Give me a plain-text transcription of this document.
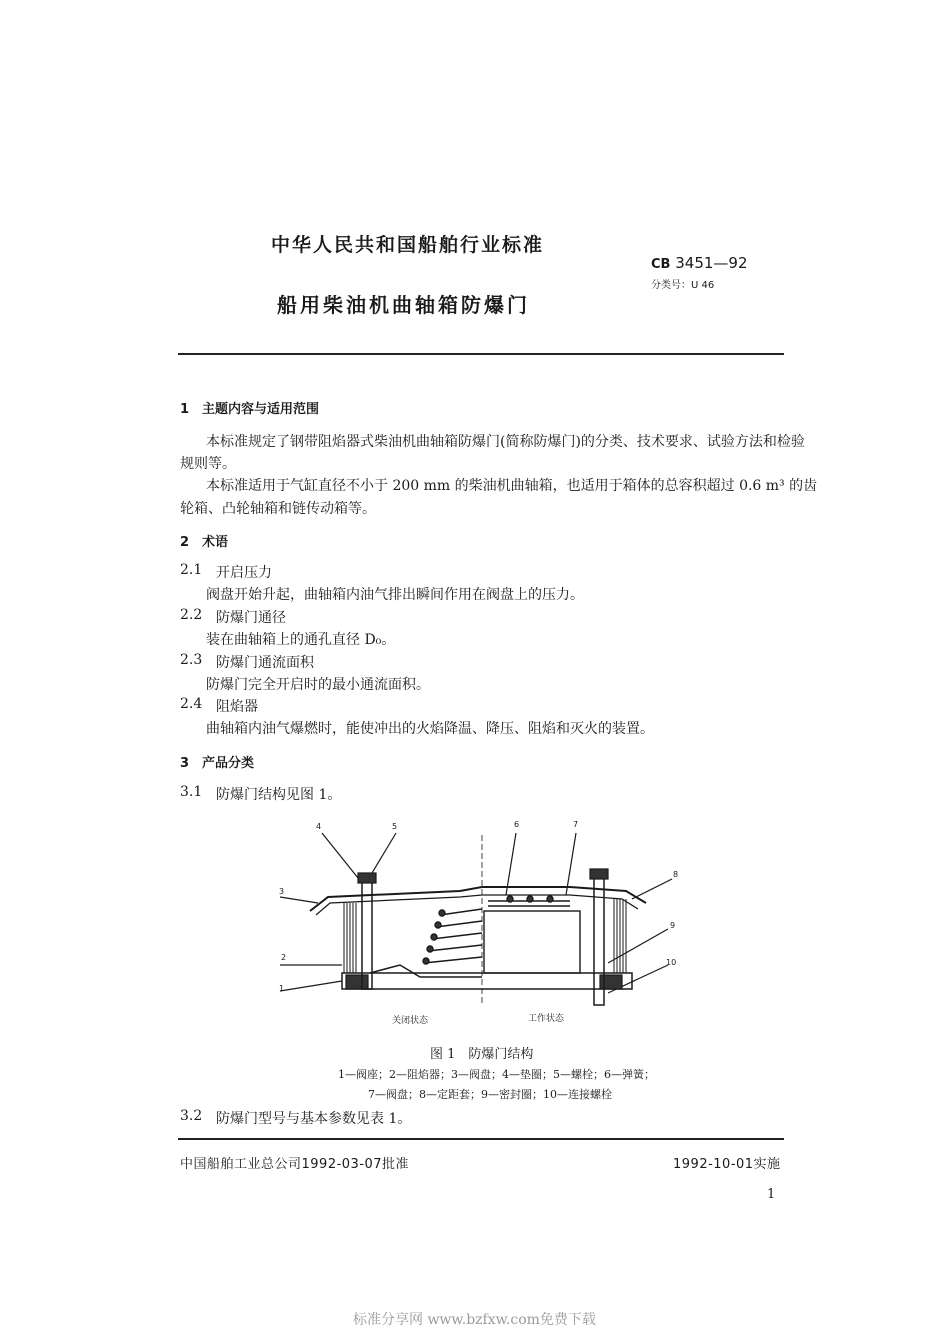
中华人民共和国船舶行业标准
CB 3451—92
分类号：U 46
船用柴油机曲轴箱防爆门
1　主题内容与适用范围
本标准规定了钢带阻焰器式柴油机曲轴箱防爆门(简称防爆门)的分类、技术要求、试验方法和检验
规则等。
本标准适用于气缸直径不小于 200 mm 的柴油机曲轴箱，也适用于箱体的总容积超过 0.6 m³ 的齿
轮箱、凸轮轴箱和链传动箱等。
2　术语
2.1 开启压力
阀盘开始升起，曲轴箱内油气排出瞬间作用在阀盘上的压力。
2.2 防爆门通径
装在曲轴箱上的通孔直径 D₀。
2.3 防爆门通流面积
防爆门完全开启时的最小通流面积。
2.4 阻焰器
曲轴箱内油气爆燃时，能使冲出的火焰降温、降压、阻焰和灭火的装置。
3　产品分类
3.1 防爆门结构见图 1。
4	5	6	7
3
8
9
2
10
1
关闭状态	工作状态
图 1　防爆门结构
1—阀座；2—阻焰器；3—阀盘；4—垫圈；5—螺栓；6—弹簧；
7—阀盘；8—定距套；9—密封圈；10—连接螺栓
3.2 防爆门型号与基本参数见表 1。
中国船舶工业总公司1992-03-07批准	1992-10-01实施
1
标准分享网 www.bzfxw.com免费下载
